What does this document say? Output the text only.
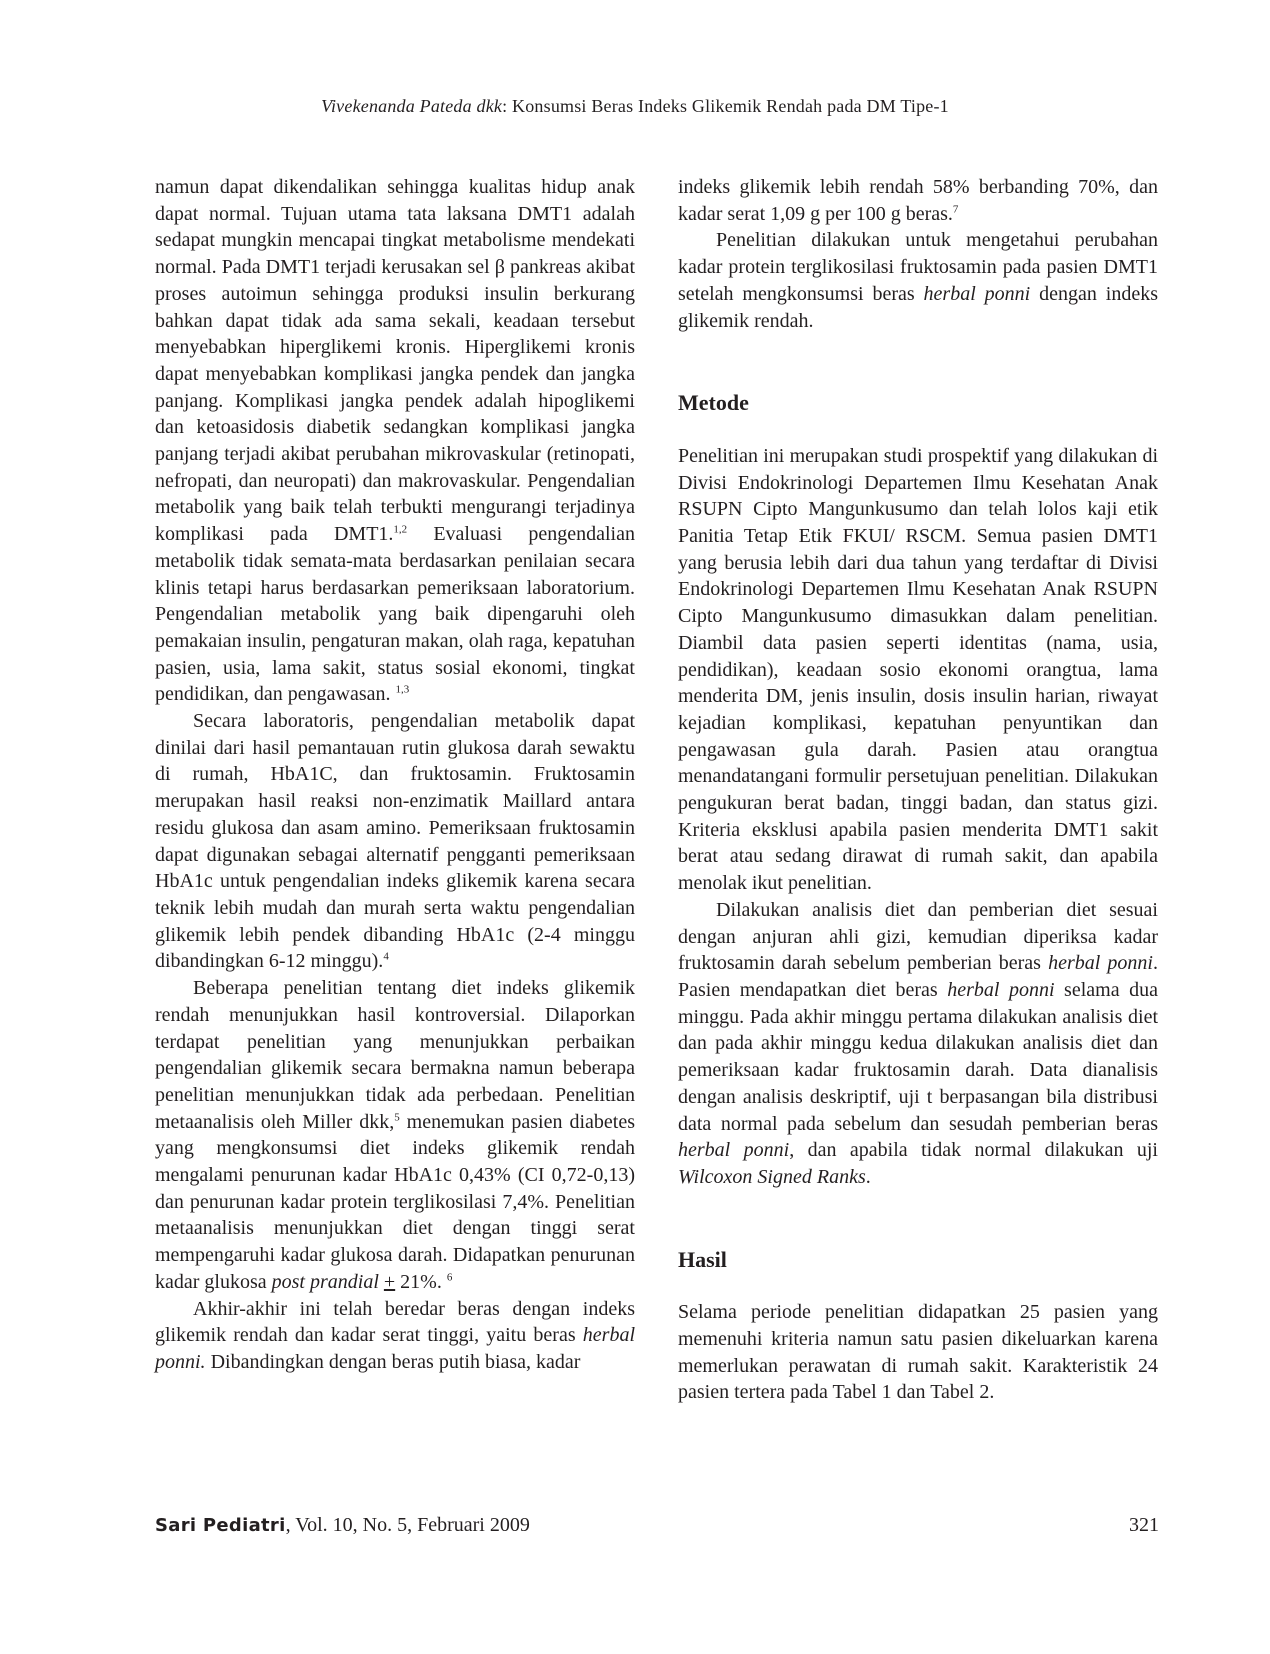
Vivekenanda Pateda dkk: Konsumsi Beras Indeks Glikemik Rendah pada DM Tipe-1

namun dapat dikendalikan sehingga kualitas hidup anak dapat normal. Tujuan utama tata laksana DMT1 adalah sedapat mungkin mencapai tingkat metabolisme mendekati normal. Pada DMT1 terjadi kerusakan sel β pankreas akibat proses autoimun sehingga produksi insulin berkurang bahkan dapat tidak ada sama sekali, keadaan tersebut menyebabkan hiperglikemi kronis. Hiperglikemi kronis dapat menyebabkan komplikasi jangka pendek dan jangka panjang. Komplikasi jangka pendek adalah hipoglikemi dan ketoasidosis diabetik sedangkan komplikasi jangka panjang terjadi akibat perubahan mikrovaskular (retinopati, nefropati, dan neuropati) dan makrovaskular. Pengendalian metabolik yang baik telah terbukti mengurangi terjadinya komplikasi pada DMT1.$^{1,2}$ Evaluasi pengendalian metabolik tidak semata-mata berdasarkan penilaian secara klinis tetapi harus berdasarkan pemeriksaan laboratorium. Pengendalian metabolik yang baik dipengaruhi oleh pemakaian insulin, pengaturan makan, olah raga, kepatuhan pasien, usia, lama sakit, status sosial ekonomi, tingkat pendidikan, dan pengawasan. $^{1,3}$

Secara laboratoris, pengendalian metabolik dapat dinilai dari hasil pemantauan rutin glukosa darah sewaktu di rumah, HbA1C, dan fruktosamin. Fruktosamin merupakan hasil reaksi non-enzimatik Maillard antara residu glukosa dan asam amino. Pemeriksaan fruktosamin dapat digunakan sebagai alternatif pengganti pemeriksaan HbA1c untuk pengendalian indeks glikemik karena secara teknik lebih mudah dan murah serta waktu pengendalian glikemik lebih pendek dibanding HbA1c (2-4 minggu dibandingkan 6-12 minggu).$^4$

Beberapa penelitian tentang diet indeks glikemik rendah menunjukkan hasil kontroversial. Dilaporkan terdapat penelitian yang menunjukkan perbaikan pengendalian glikemik secara bermakna namun beberapa penelitian menunjukkan tidak ada perbedaan. Penelitian metaanalisis oleh Miller dkk,$^5$ menemukan pasien diabetes yang mengkonsumsi diet indeks glikemik rendah mengalami penurunan kadar HbA1c 0,43% (CI 0,72-0,13) dan penurunan kadar protein terglikosilasi 7,4%. Penelitian metaanalisis menunjukkan diet dengan tinggi serat mempengaruhi kadar glukosa darah. Didapatkan penurunan kadar glukosa post prandial + 21%. $^6$

Akhir-akhir ini telah beredar beras dengan indeks glikemik rendah dan kadar serat tinggi, yaitu beras herbal ponni. Dibandingkan dengan beras putih biasa, kadar

indeks glikemik lebih rendah 58% berbanding 70%, dan kadar serat 1,09 g per 100 g beras.$^7$

Penelitian dilakukan untuk mengetahui perubahan kadar protein terglikosilasi fruktosamin pada pasien DMT1 setelah mengkonsumsi beras herbal ponni dengan indeks glikemik rendah.

Metode

Penelitian ini merupakan studi prospektif yang dilakukan di Divisi Endokrinologi Departemen Ilmu Kesehatan Anak RSUPN Cipto Mangunkusumo dan telah lolos kaji etik Panitia Tetap Etik FKUI/ RSCM. Semua pasien DMT1 yang berusia lebih dari dua tahun yang terdaftar di Divisi Endokrinologi Departemen Ilmu Kesehatan Anak RSUPN Cipto Mangunkusumo dimasukkan dalam penelitian. Diambil data pasien seperti identitas (nama, usia, pendidikan), keadaan sosio ekonomi orangtua, lama menderita DM, jenis insulin, dosis insulin harian, riwayat kejadian komplikasi, kepatuhan penyuntikan dan pengawasan gula darah. Pasien atau orangtua menandatangani formulir persetujuan penelitian. Dilakukan pengukuran berat badan, tinggi badan, dan status gizi. Kriteria eksklusi apabila pasien menderita DMT1 sakit berat atau sedang dirawat di rumah sakit, dan apabila menolak ikut penelitian.

Dilakukan analisis diet dan pemberian diet sesuai dengan anjuran ahli gizi, kemudian diperiksa kadar fruktosamin darah sebelum pemberian beras herbal ponni. Pasien mendapatkan diet beras herbal ponni selama dua minggu. Pada akhir minggu pertama dilakukan analisis diet dan pada akhir minggu kedua dilakukan analisis diet dan pemeriksaan kadar fruktosamin darah. Data dianalisis dengan analisis deskriptif, uji t berpasangan bila distribusi data normal pada sebelum dan sesudah pemberian beras herbal ponni, dan apabila tidak normal dilakukan uji Wilcoxon Signed Ranks.

Hasil

Selama periode penelitian didapatkan 25 pasien yang memenuhi kriteria namun satu pasien dikeluarkan karena memerlukan perawatan di rumah sakit. Karakteristik 24 pasien tertera pada Tabel 1 dan Tabel 2.

Sari Pediatri, Vol. 10, No. 5, Februari 2009	321
